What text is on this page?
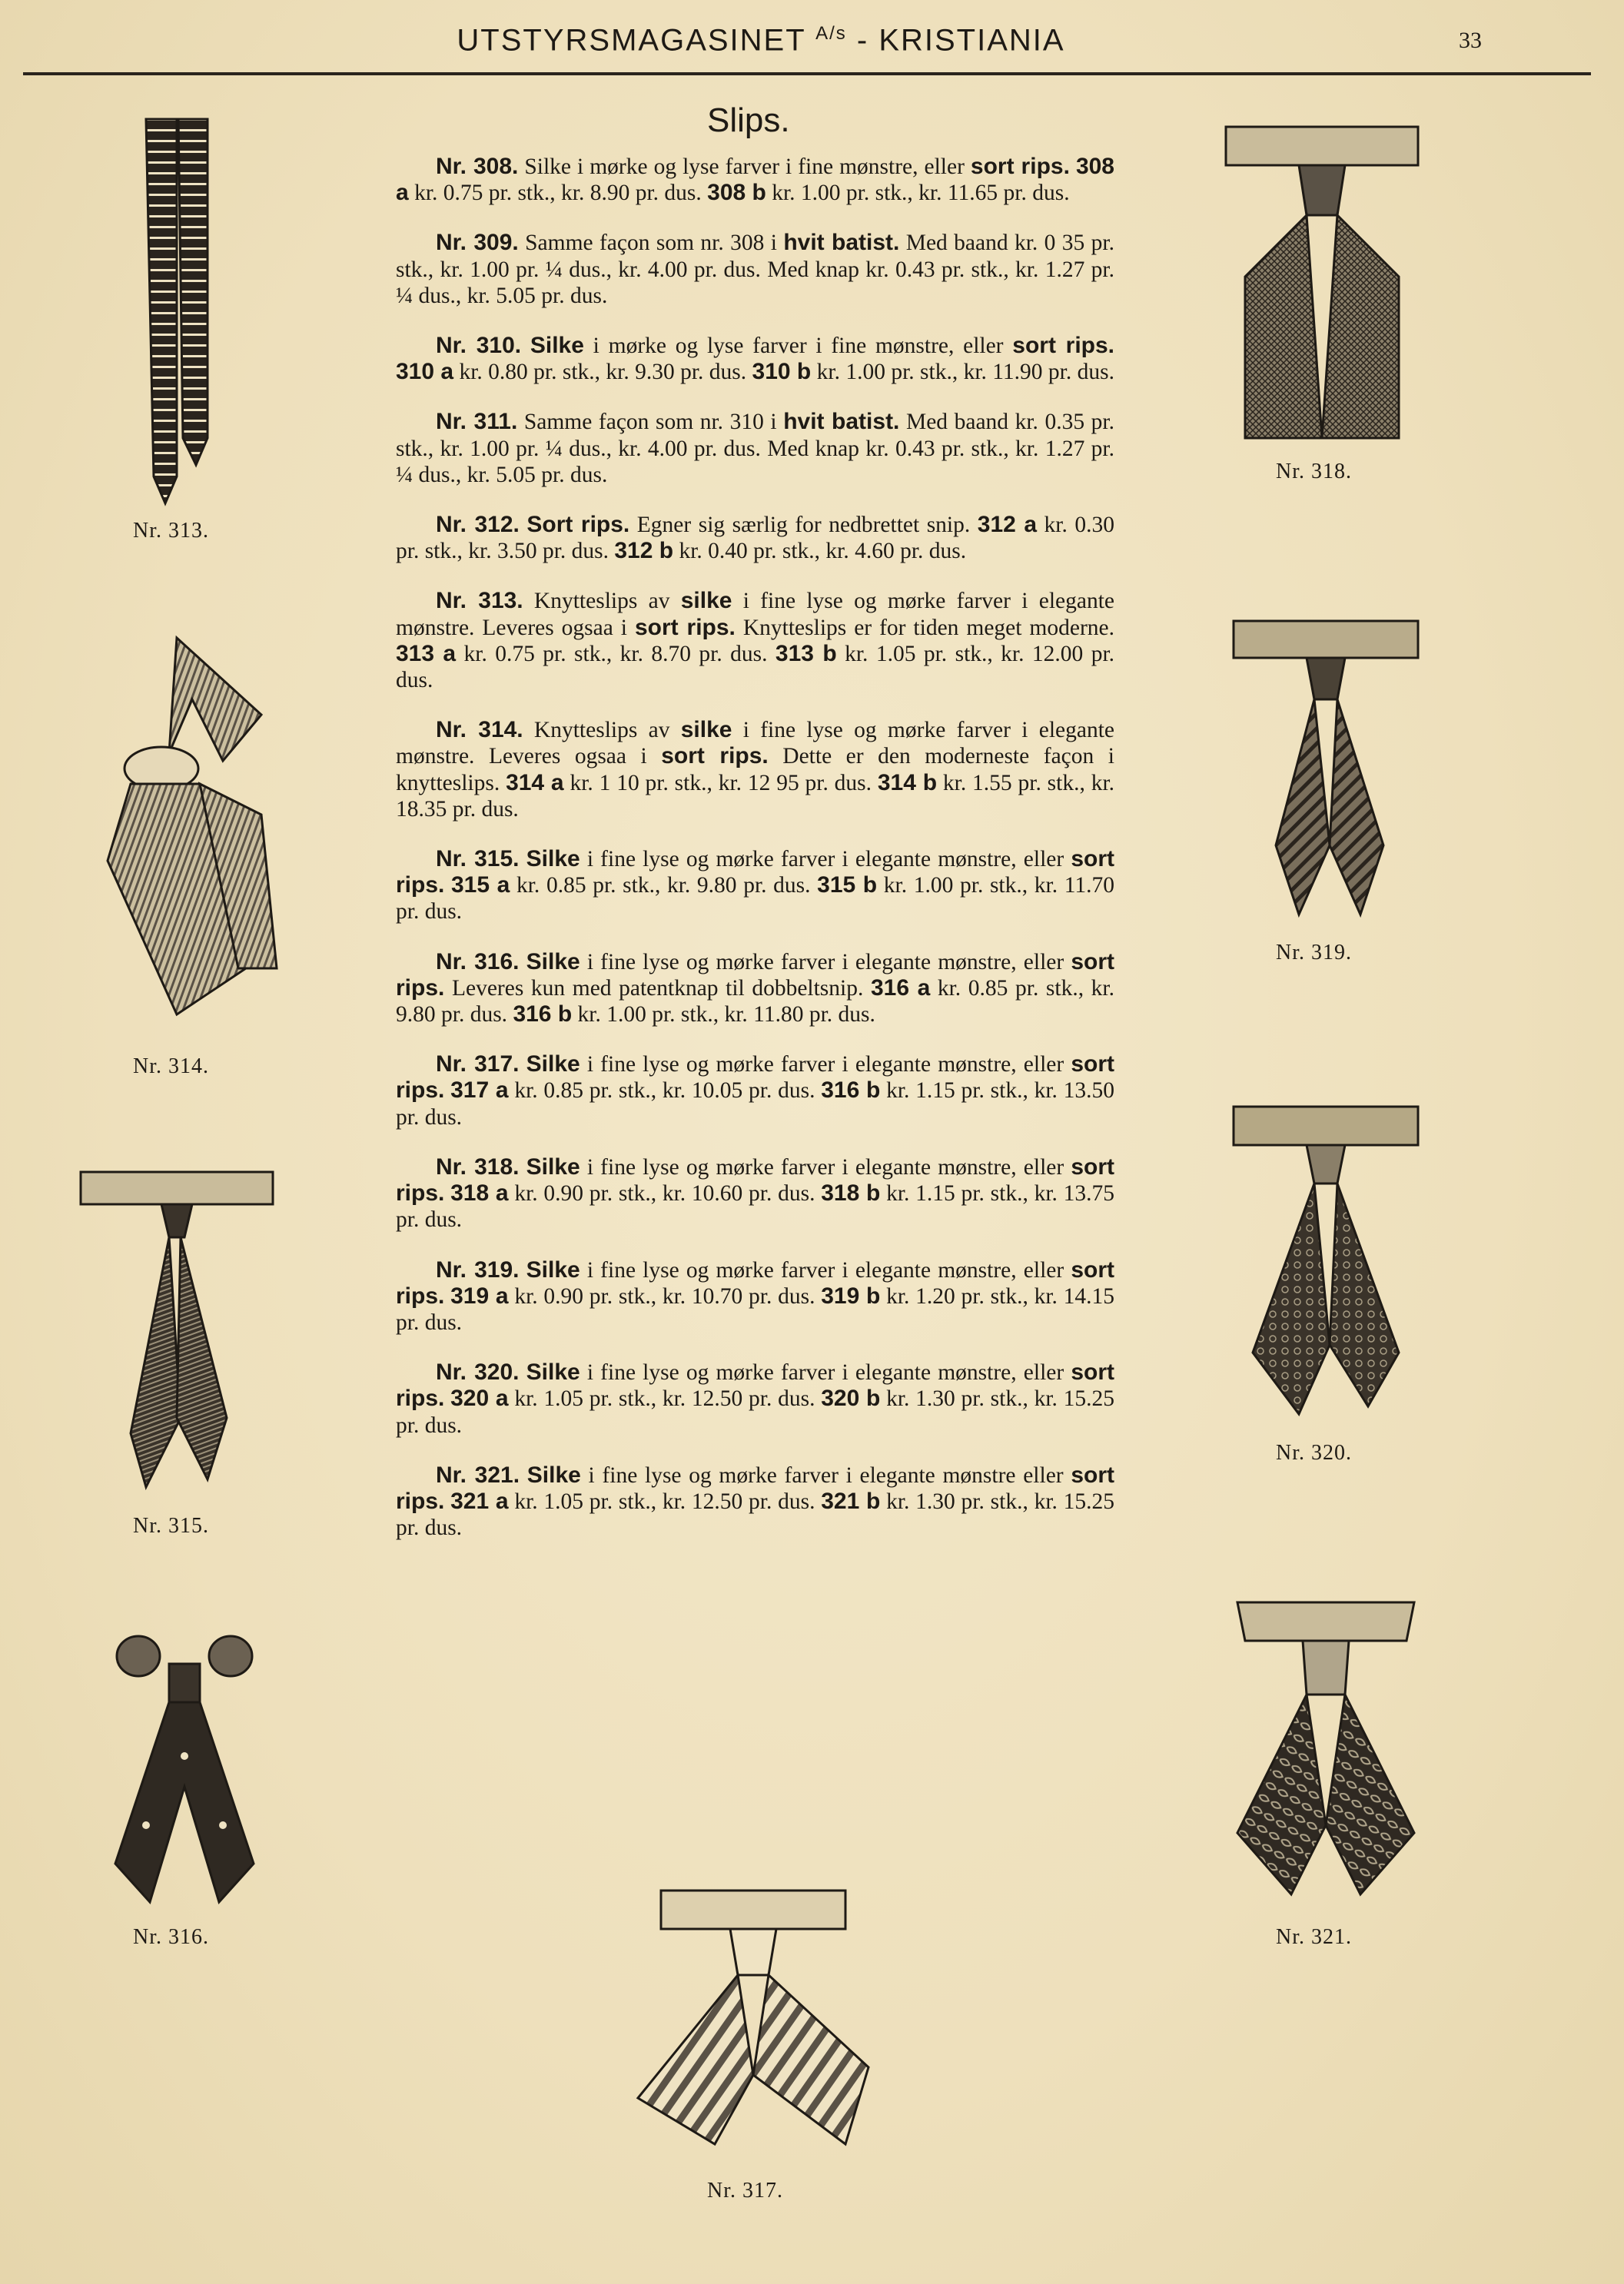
UTSTYRSMAGASINET $^{A/s}$ - KRISTIANIA	33
Slips.

Nr. 308. Silke i mørke og lyse farver i fine mønstre, eller sort rips. 308 a kr. 0.75 pr. stk., kr. 8.90 pr. dus. 308 b kr. 1.00 pr. stk., kr. 11.65 pr. dus.

Nr. 309. Samme façon som nr. 308 i hvit batist. Med baand kr. 0 35 pr. stk., kr. 1.00 pr. ¼ dus., kr. 4.00 pr. dus. Med knap kr. 0.43 pr. stk., kr. 1.27 pr. ¼ dus., kr. 5.05 pr. dus.

Nr. 310. Silke i mørke og lyse farver i fine mønstre, eller sort rips. 310 a kr. 0.80 pr. stk., kr. 9.30 pr. dus. 310 b kr. 1.00 pr. stk., kr. 11.90 pr. dus.

Nr. 311. Samme façon som nr. 310 i hvit batist. Med baand kr. 0.35 pr. stk., kr. 1.00 pr. ¼ dus., kr. 4.00 pr. dus. Med knap kr. 0.43 pr. stk., kr. 1.27 pr. ¼ dus., kr. 5.05 pr. dus.

Nr. 312. Sort rips. Egner sig særlig for nedbrettet snip. 312 a kr. 0.30 pr. stk., kr. 3.50 pr. dus. 312 b kr. 0.40 pr. stk., kr. 4.60 pr. dus.

Nr. 313. Knytteslips av silke i fine lyse og mørke farver i elegante mønstre. Leveres ogsaa i sort rips. Knytteslips er for tiden meget moderne. 313 a kr. 0.75 pr. stk., kr. 8.70 pr. dus. 313 b kr. 1.05 pr. stk., kr. 12.00 pr. dus.

Nr. 314. Knytteslips av silke i fine lyse og mørke farver i elegante mønstre. Leveres ogsaa i sort rips. Dette er den moderneste façon i knytteslips. 314 a kr. 1 10 pr. stk., kr. 12 95 pr. dus. 314 b kr. 1.55 pr. stk., kr. 18.35 pr. dus.

Nr. 315. Silke i fine lyse og mørke farver i elegante mønstre, eller sort rips. 315 a kr. 0.85 pr. stk., kr. 9.80 pr. dus. 315 b kr. 1.00 pr. stk., kr. 11.70 pr. dus.

Nr. 316. Silke i fine lyse og mørke farver i elegante mønstre, eller sort rips. Leveres kun med patentknap til dobbeltsnip. 316 a kr. 0.85 pr. stk., kr. 9.80 pr. dus. 316 b kr. 1.00 pr. stk., kr. 11.80 pr. dus.

Nr. 317. Silke i fine lyse og mørke farver i elegante mønstre, eller sort rips. 317 a kr. 0.85 pr. stk., kr. 10.05 pr. dus. 316 b kr. 1.15 pr. stk., kr. 13.50 pr. dus.

Nr. 318. Silke i fine lyse og mørke farver i elegante mønstre, eller sort rips. 318 a kr. 0.90 pr. stk., kr. 10.60 pr. dus. 318 b kr. 1.15 pr. stk., kr. 13.75 pr. dus.

Nr. 319. Silke i fine lyse og mørke farver i elegante mønstre, eller sort rips. 319 a kr. 0.90 pr. stk., kr. 10.70 pr. dus. 319 b kr. 1.20 pr. stk., kr. 14.15 pr. dus.

Nr. 320. Silke i fine lyse og mørke farver i elegante mønstre, eller sort rips. 320 a kr. 1.05 pr. stk., kr. 12.50 pr. dus. 320 b kr. 1.30 pr. stk., kr. 15.25 pr. dus.

Nr. 321. Silke i fine lyse og mørke farver i elegante mønstre eller sort rips. 321 a kr. 1.05 pr. stk., kr. 12.50 pr. dus. 321 b kr. 1.30 pr. stk., kr. 15.25 pr. dus.

Nr. 313.
Nr. 314.
Nr. 315.
Nr. 316.
Nr. 318.
Nr. 319.
Nr. 320.
Nr. 321.
Nr. 317.
